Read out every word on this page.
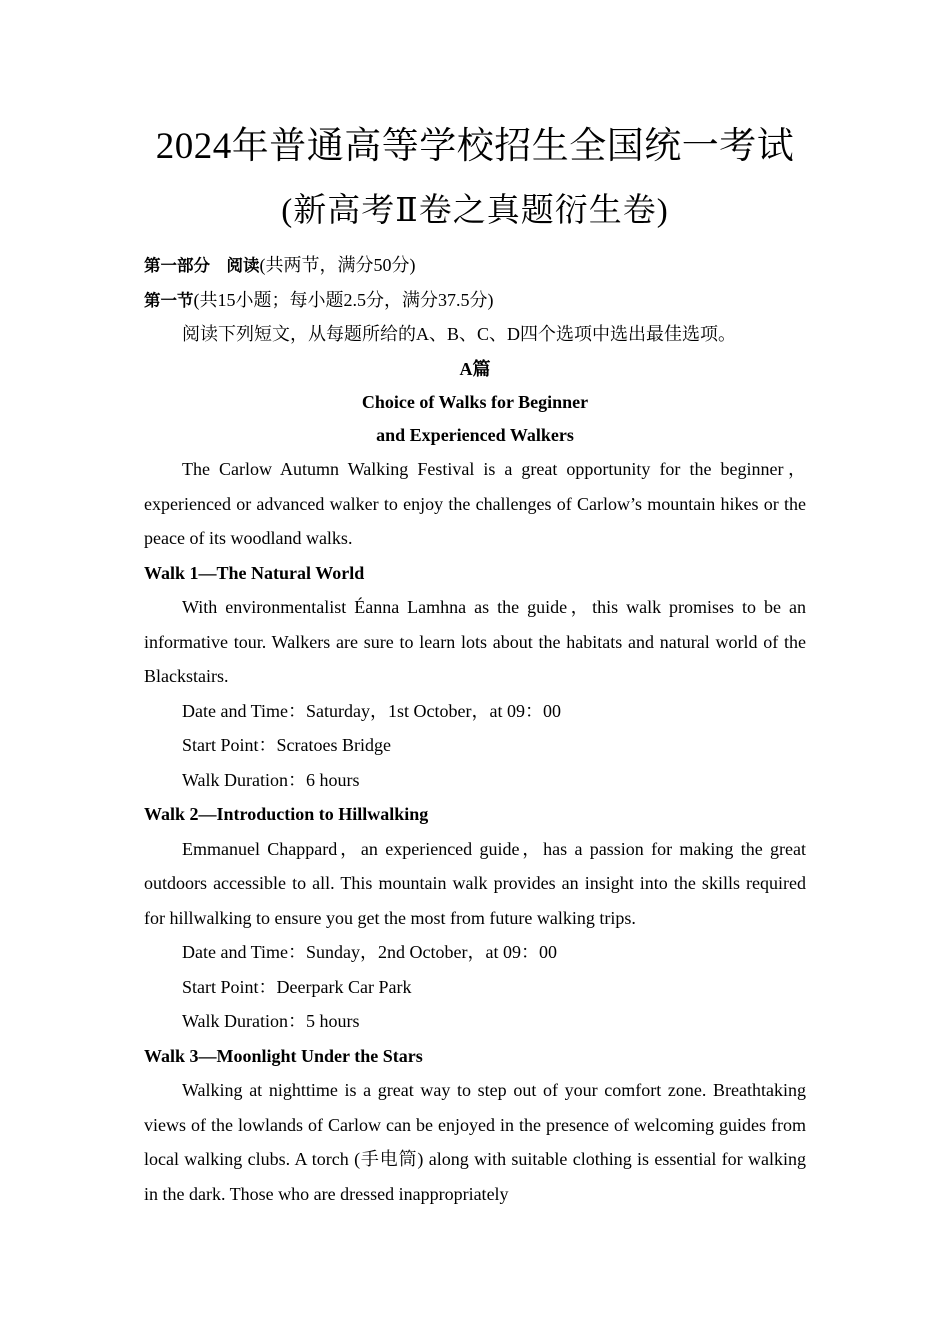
2024年普通高等学校招生全国统一考试
(新高考Ⅱ卷之真题衍生卷)
第一部分　阅读(共两节，满分50分)
第一节(共15小题；每小题2.5分，满分37.5分)
阅读下列短文，从每题所给的A、B、C、D四个选项中选出最佳选项。
A篇
Choice of Walks for Beginner
and Experienced Walkers
The Carlow Autumn Walking Festival is a great opportunity for the beginner， experienced or advanced walker to enjoy the challenges of Carlow’s mountain hikes or the peace of its woodland walks.
Walk 1—The Natural World
With environmentalist Éanna Lamhna as the guide，this walk promises to be an informative tour. Walkers are sure to learn lots about the habitats and natural world of the Blackstairs.
Date and Time：Saturday，1st October，at 09：00
Start Point：Scratoes Bridge
Walk Duration：6 hours
Walk 2—Introduction to Hillwalking
Emmanuel Chappard，an experienced guide，has a passion for making the great outdoors accessible to all. This mountain walk provides an insight into the skills required for hillwalking to ensure you get the most from future walking trips.
Date and Time：Sunday，2nd October，at 09：00
Start Point：Deerpark Car Park
Walk Duration：5 hours
Walk 3—Moonlight Under the Stars
Walking at nighttime is a great way to step out of your comfort zone. Breathtaking views of the lowlands of Carlow can be enjoyed in the presence of welcoming guides from local walking clubs. A torch (手电筒) along with suitable clothing is essential for walking in the dark. Those who are dressed inappropriately
